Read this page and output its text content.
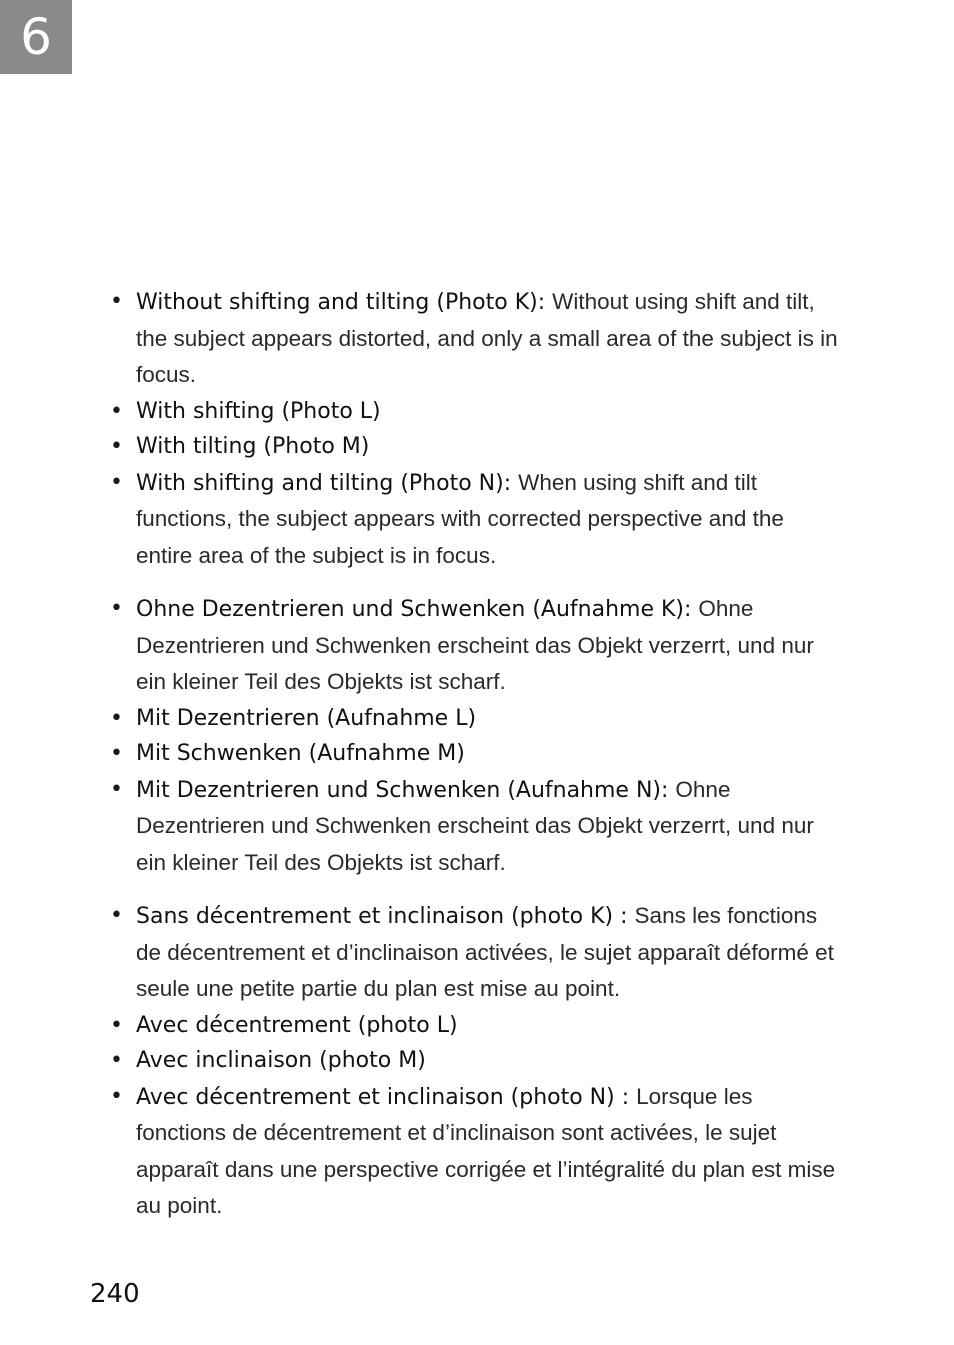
6
• Without shifting and tilting (Photo K): Without using shift and tilt, the subject appears distorted, and only a small area of the subject is in focus.
• With shifting (Photo L)
• With tilting (Photo M)
• With shifting and tilting (Photo N): When using shift and tilt functions, the subject appears with corrected perspective and the entire area of the subject is in focus.
• Ohne Dezentrieren und Schwenken (Aufnahme K): Ohne Dezentrieren und Schwenken erscheint das Objekt verzerrt, und nur ein kleiner Teil des Objekts ist scharf.
• Mit Dezentrieren (Aufnahme L)
• Mit Schwenken (Aufnahme M)
• Mit Dezentrieren und Schwenken (Aufnahme N): Ohne Dezentrieren und Schwenken erscheint das Objekt verzerrt, und nur ein kleiner Teil des Objekts ist scharf.
• Sans décentrement et inclinaison (photo K) : Sans les fonctions de décentrement et d’inclinaison activées, le sujet apparaît déformé et seule une petite partie du plan est mise au point.
• Avec décentrement (photo L)
• Avec inclinaison (photo M)
• Avec décentrement et inclinaison (photo N) : Lorsque les fonctions de décentrement et d’inclinaison sont activées, le sujet apparaît dans une perspective corrigée et l’intégralité du plan est mise au point.
240
